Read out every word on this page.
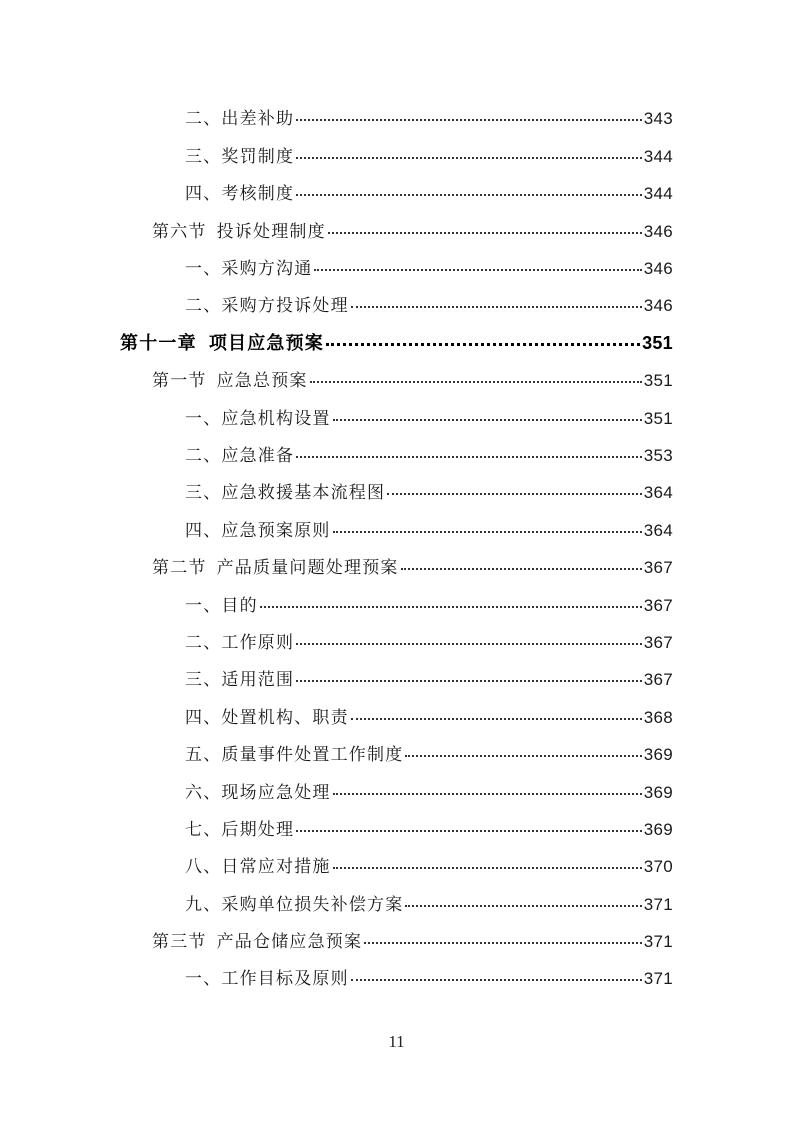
二、出差补助	343
三、奖罚制度	344
四、考核制度	344
第六节 投诉处理制度	346
一、采购方沟通	346
二、采购方投诉处理	346
第十一章 项目应急预案	351
第一节 应急总预案	351
一、应急机构设置	351
二、应急准备	353
三、应急救援基本流程图	364
四、应急预案原则	364
第二节 产品质量问题处理预案	367
一、目的	367
二、工作原则	367
三、适用范围	367
四、处置机构、职责	368
五、质量事件处置工作制度	369
六、现场应急处理	369
七、后期处理	369
八、日常应对措施	370
九、采购单位损失补偿方案	371
第三节 产品仓储应急预案	371
一、工作目标及原则	371
11
